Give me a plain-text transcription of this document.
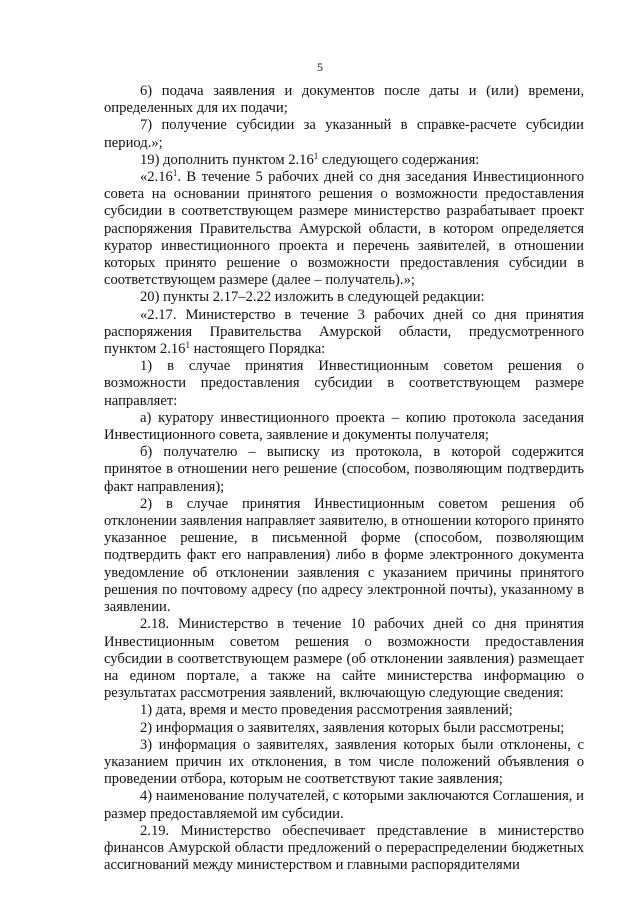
5

6) подача заявления и документов после даты и (или) времени, определенных для их подачи;

7) получение субсидии за указанный в справке-расчете субсидии период.»;

19) дополнить пунктом 2.16$^1$ следующего содержания:

«2.16$^1$. В течение 5 рабочих дней со дня заседания Инвестиционного совета на основании принятого решения о возможности предоставления субсидии в соответствующем размере министерство разрабатывает проект распоряжения Правительства Амурской области, в котором определяется куратор инвестиционного проекта и перечень заявителей, в отношении которых принято решение о возможности предоставления субсидии в соответствующем размере (далее – получатель).»;

20) пункты 2.17–2.22 изложить в следующей редакции:

«2.17. Министерство в течение 3 рабочих дней со дня принятия распоряжения Правительства Амурской области, предусмотренного пунктом 2.16$^1$ настоящего Порядка:

1) в случае принятия Инвестиционным советом решения о возможности предоставления субсидии в соответствующем размере направляет:

а) куратору инвестиционного проекта – копию протокола заседания Инвестиционного совета, заявление и документы получателя;

б) получателю – выписку из протокола, в которой содержится принятое в отношении него решение (способом, позволяющим подтвердить факт направления);

2) в случае принятия Инвестиционным советом решения об отклонении заявления направляет заявителю, в отношении которого принято указанное решение, в письменной форме (способом, позволяющим подтвердить факт его направления) либо в форме электронного документа уведомление об отклонении заявления с указанием причины принятого решения по почтовому адресу (по адресу электронной почты), указанному в заявлении.

2.18. Министерство в течение 10 рабочих дней со дня принятия Инвестиционным советом решения о возможности предоставления субсидии в соответствующем размере (об отклонении заявления) размещает на едином портале, а также на сайте министерства информацию о результатах рассмотрения заявлений, включающую следующие сведения:

1) дата, время и место проведения рассмотрения заявлений;

2) информация о заявителях, заявления которых были рассмотрены;

3) информация о заявителях, заявления которых были отклонены, с указанием причин их отклонения, в том числе положений объявления о проведении отбора, которым не соответствуют такие заявления;

4) наименование получателей, с которыми заключаются Соглашения, и размер предоставляемой им субсидии.

2.19. Министерство обеспечивает представление в министерство финансов Амурской области предложений о перераспределении бюджетных ассигнований между министерством и главными распорядителями
